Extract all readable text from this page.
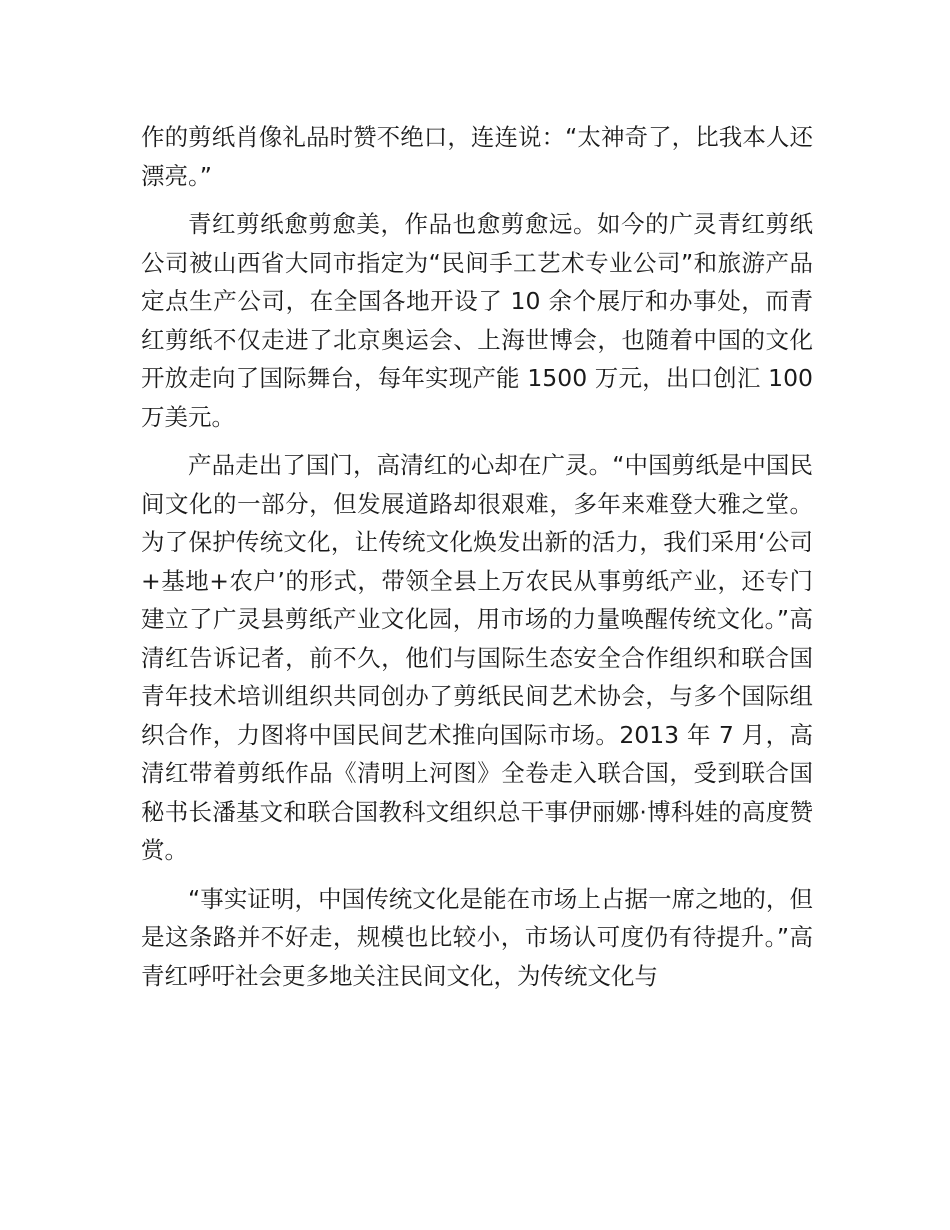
作的剪纸肖像礼品时赞不绝口，连连说：“太神奇了，比我本人还漂亮。”

青红剪纸愈剪愈美，作品也愈剪愈远。如今的广灵青红剪纸公司被山西省大同市指定为“民间手工艺术专业公司”和旅游产品定点生产公司，在全国各地开设了 10 余个展厅和办事处，而青红剪纸不仅走进了北京奥运会、上海世博会，也随着中国的文化开放走向了国际舞台，每年实现产能 1500 万元，出口创汇 100 万美元。

产品走出了国门，高清红的心却在广灵。“中国剪纸是中国民间文化的一部分，但发展道路却很艰难，多年来难登大雅之堂。为了保护传统文化，让传统文化焕发出新的活力，我们采用‘公司+基地+农户’的形式，带领全县上万农民从事剪纸产业，还专门建立了广灵县剪纸产业文化园，用市场的力量唤醒传统文化。”高清红告诉记者，前不久，他们与国际生态安全合作组织和联合国青年技术培训组织共同创办了剪纸民间艺术协会，与多个国际组织合作，力图将中国民间艺术推向国际市场。2013 年 7 月，高清红带着剪纸作品《清明上河图》全卷走入联合国，受到联合国秘书长潘基文和联合国教科文组织总干事伊丽娜·博科娃的高度赞赏。

“事实证明，中国传统文化是能在市场上占据一席之地的，但是这条路并不好走，规模也比较小，市场认可度仍有待提升。”高青红呼吁社会更多地关注民间文化，为传统文化与
